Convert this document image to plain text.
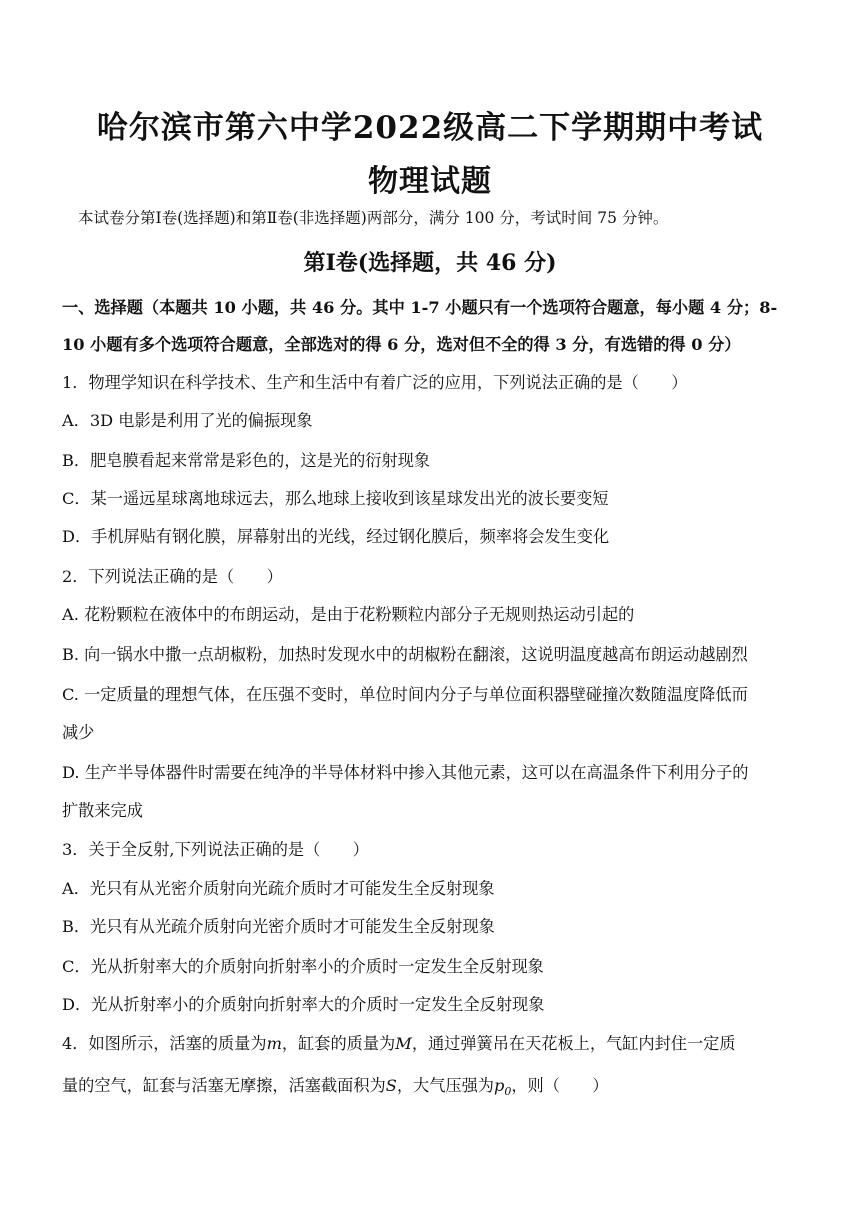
哈尔滨市第六中学2022级高二下学期期中考试
物理试题
本试卷分第Ⅰ卷(选择题)和第Ⅱ卷(非选择题)两部分，满分 100 分，考试时间 75 分钟。
第Ⅰ卷(选择题，共 46 分)
一、选择题（本题共 10 小题，共 46 分。其中 1-7 小题只有一个选项符合题意，每小题 4 分；8-
10 小题有多个选项符合题意，全部选对的得 6 分，选对但不全的得 3 分，有选错的得 0 分）
1．物理学知识在科学技术、生产和生活中有着广泛的应用，下列说法正确的是（　　）
A．3D 电影是利用了光的偏振现象
B．肥皂膜看起来常常是彩色的，这是光的衍射现象
C．某一遥远星球离地球远去，那么地球上接收到该星球发出光的波长要变短
D．手机屏贴有钢化膜，屏幕射出的光线，经过钢化膜后，频率将会发生变化
2．下列说法正确的是（　　）
A. 花粉颗粒在液体中的布朗运动，是由于花粉颗粒内部分子无规则热运动引起的
B. 向一锅水中撒一点胡椒粉，加热时发现水中的胡椒粉在翻滚，这说明温度越高布朗运动越剧烈
C. 一定质量的理想气体，在压强不变时，单位时间内分子与单位面积器壁碰撞次数随温度降低而
减少
D. 生产半导体器件时需要在纯净的半导体材料中掺入其他元素，这可以在高温条件下利用分子的
扩散来完成
3．关于全反射,下列说法正确的是（　　）
A．光只有从光密介质射向光疏介质时才可能发生全反射现象
B．光只有从光疏介质射向光密介质时才可能发生全反射现象
C．光从折射率大的介质射向折射率小的介质时一定发生全反射现象
D．光从折射率小的介质射向折射率大的介质时一定发生全反射现象
4．如图所示，活塞的质量为m，缸套的质量为M，通过弹簧吊在天花板上，气缸内封住一定质
量的空气，缸套与活塞无摩擦，活塞截面积为S，大气压强为$p_0$，则（　　）
